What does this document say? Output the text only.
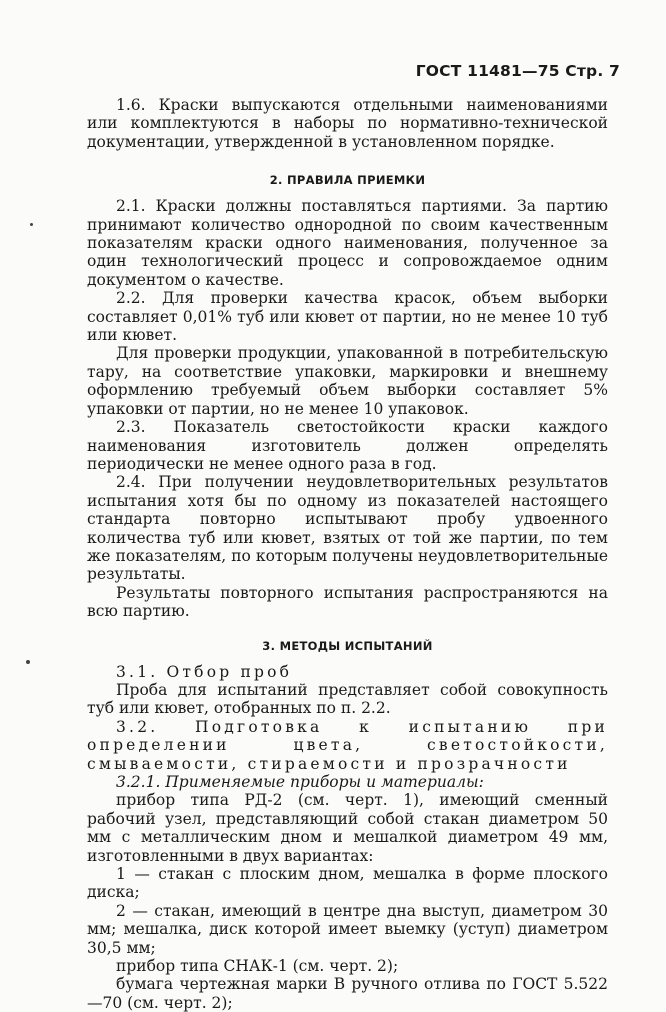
ГОСТ 11481—75 Стр. 7

1.6. Краски выпускаются отдельными наименованиями или комплектуются в наборы по нормативно-технической документации, утвержденной в установленном порядке.

2. ПРАВИЛА ПРИЕМКИ

2.1. Краски должны поставляться партиями. За партию принимают количество однородной по своим качественным показателям краски одного наименования, полученное за один технологический процесс и сопровождаемое одним документом о качестве.

2.2. Для проверки качества красок, объем выборки составляет 0,01% туб или кювет от партии, но не менее 10 туб или кювет.

Для проверки продукции, упакованной в потребительскую тару, на соответствие упаковки, маркировки и внешнему оформлению требуемый объем выборки составляет 5% упаковки от партии, но не менее 10 упаковок.

2.3. Показатель светостойкости краски каждого наименования изготовитель должен определять периодически не менее одного раза в год.

2.4. При получении неудовлетворительных результатов испытания хотя бы по одному из показателей настоящего стандарта повторно испытывают пробу удвоенного количества туб или кювет, взятых от той же партии, по тем же показателям, по которым получены неудовлетворительные результаты.

Результаты повторного испытания распространяются на всю партию.

3. МЕТОДЫ ИСПЫТАНИЙ

3.1. Отбор проб

Проба для испытаний представляет собой совокупность туб или кювет, отобранных по п. 2.2.

3.2. Подготовка к испытанию при определении цвета, светостойкости, смываемости, стираемости и прозрачности

3.2.1. Применяемые приборы и материалы:

прибор типа РД-2 (см. черт. 1), имеющий сменный рабочий узел, представляющий собой стакан диаметром 50 мм с металлическим дном и мешалкой диаметром 49 мм, изготовленными в двух вариантах:

1 — стакан с плоским дном, мешалка в форме плоского диска;

2 — стакан, имеющий в центре дна выступ, диаметром 30 мм; мешалка, диск которой имеет выемку (уступ) диаметром 30,5 мм;

прибор типа СНАК-1 (см. черт. 2);

бумага чертежная марки В ручного отлива по ГОСТ 5.522—70 (см. черт. 2);
